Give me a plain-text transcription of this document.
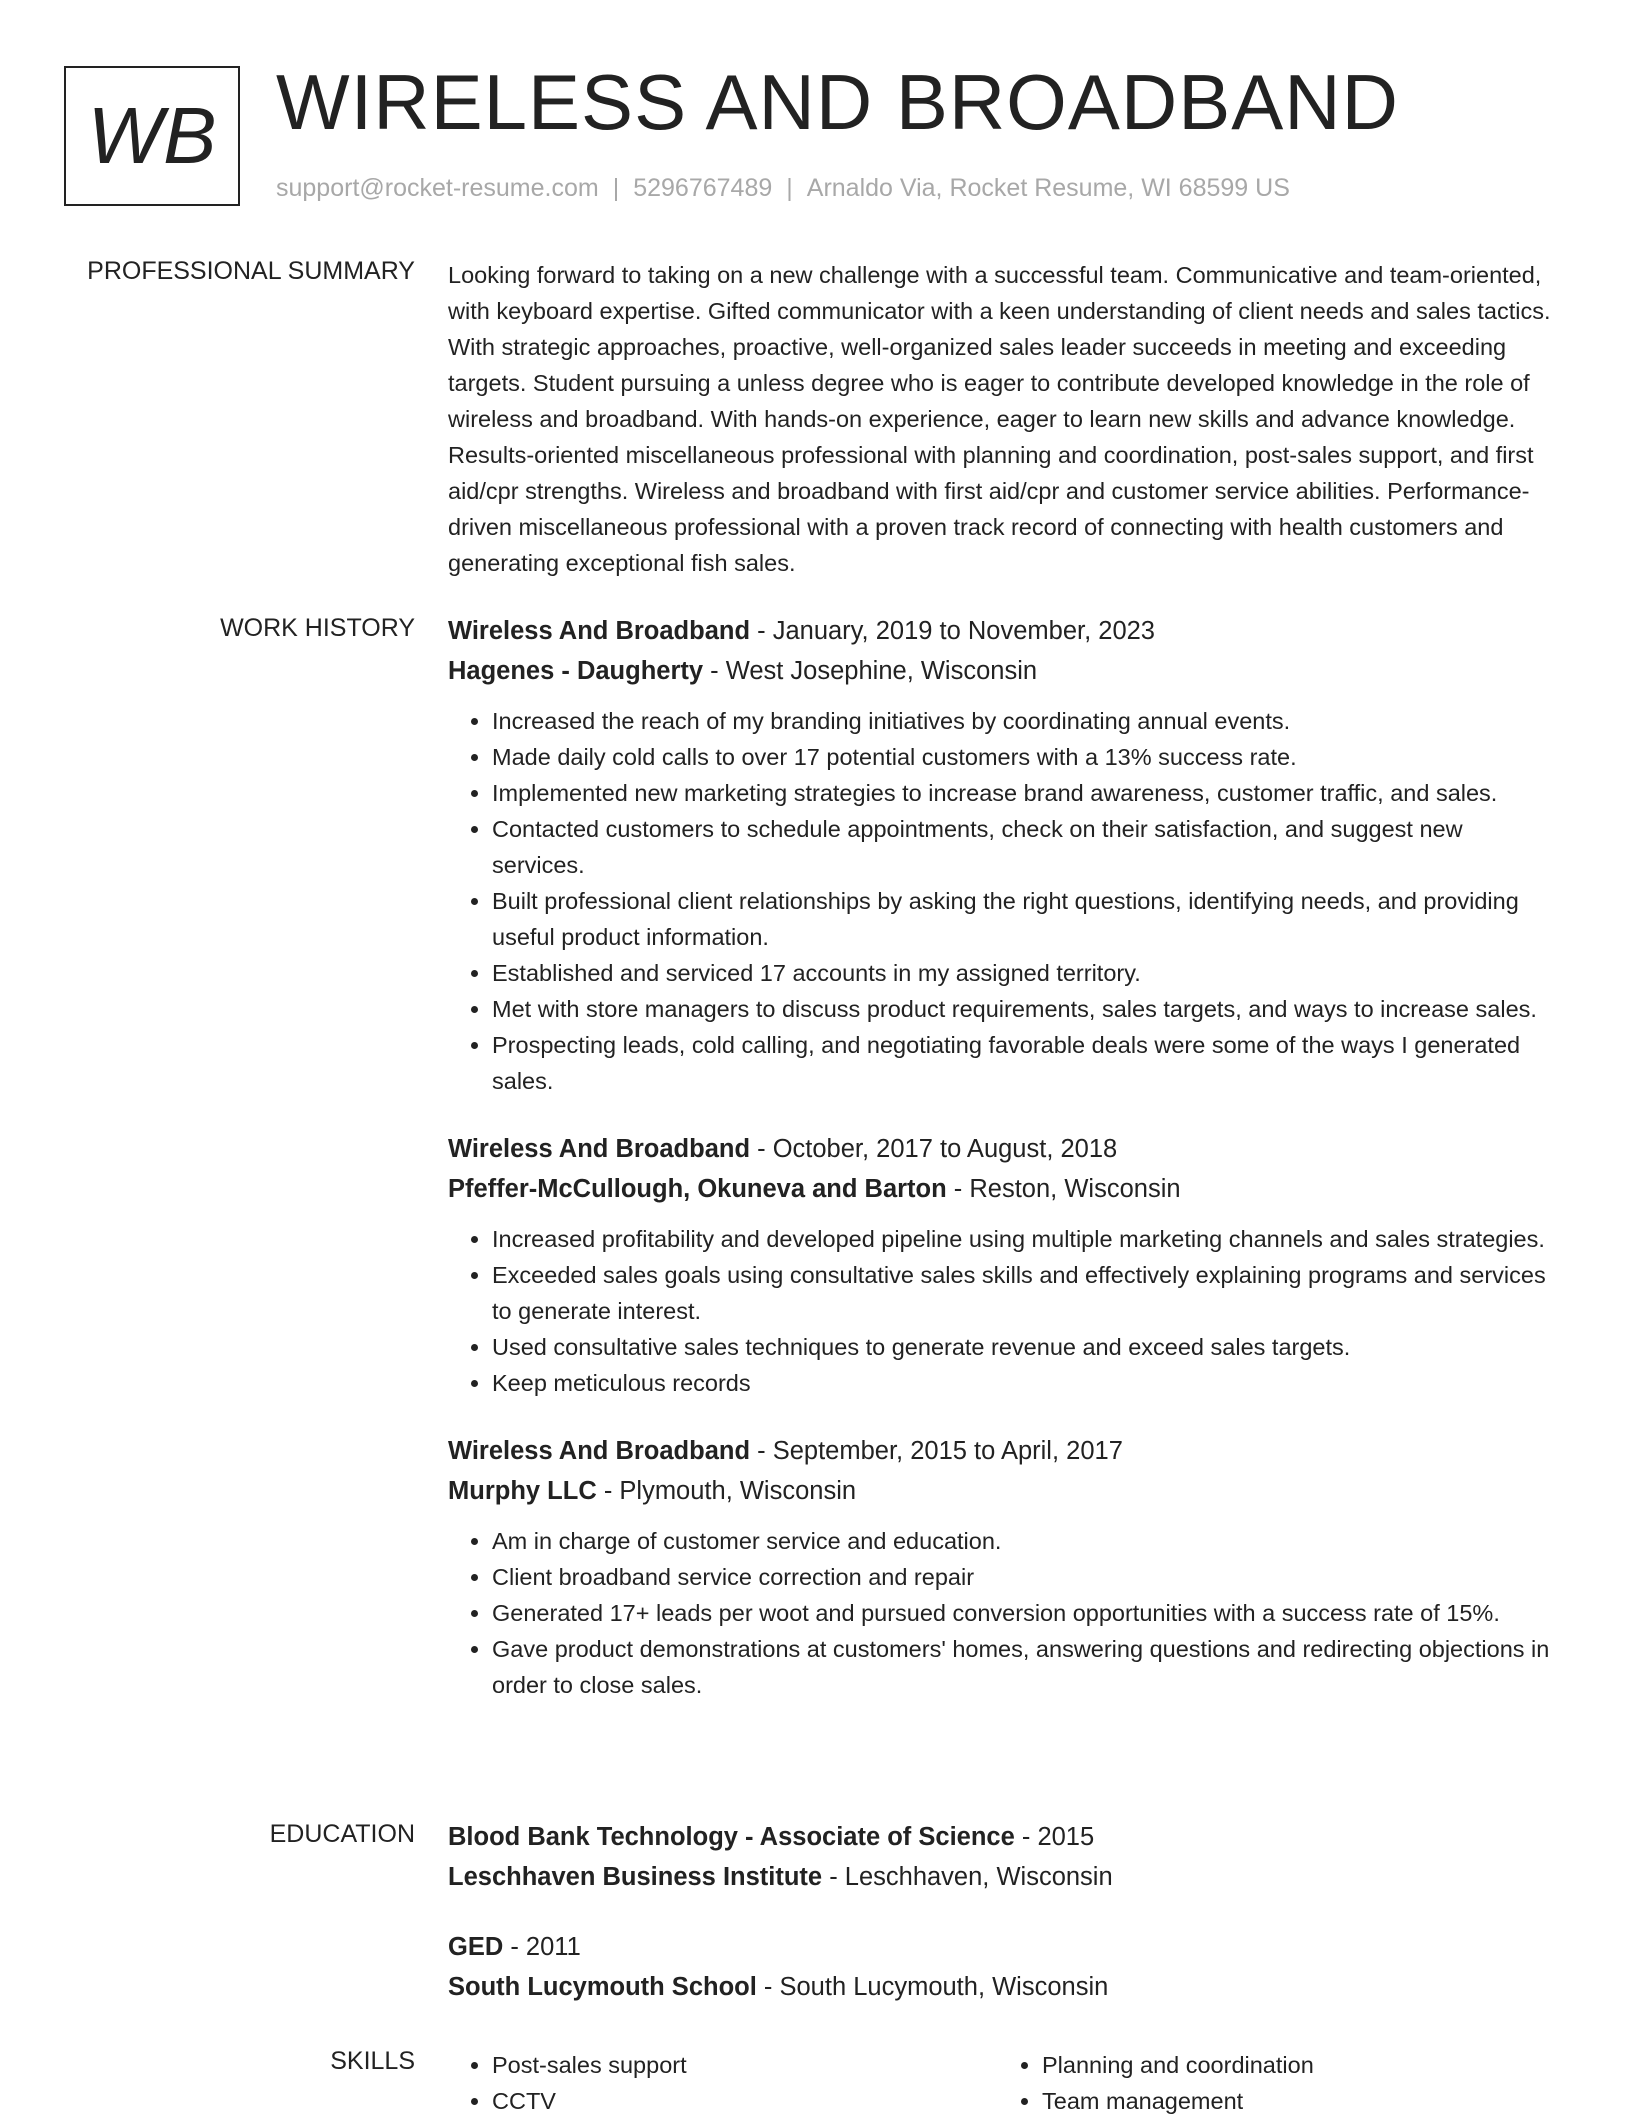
WB WIRELESS AND BROADBAND
support@rocket-resume.com | 5296767489 | Arnaldo Via, Rocket Resume, WI 68599 US
PROFESSIONAL SUMMARY Looking forward to taking on a new challenge with a successful team. Communicative and team-oriented, with keyboard expertise. Gifted communicator with a keen understanding of client needs and sales tactics. With strategic approaches, proactive, well-organized sales leader succeeds in meeting and exceeding targets. Student pursuing a unless degree who is eager to contribute developed knowledge in the role of wireless and broadband. With hands-on experience, eager to learn new skills and advance knowledge. Results-oriented miscellaneous professional with planning and coordination, post-sales support, and first aid/cpr strengths. Wireless and broadband with first aid/cpr and customer service abilities. Performance-driven miscellaneous professional with a proven track record of connecting with health customers and generating exceptional fish sales.

WORK HISTORY Wireless And Broadband - January, 2019 to November, 2023
Hagenes - Daugherty - West Josephine, Wisconsin
• Increased the reach of my branding initiatives by coordinating annual events.
• Made daily cold calls to over 17 potential customers with a 13% success rate.
• Implemented new marketing strategies to increase brand awareness, customer traffic, and sales.
• Contacted customers to schedule appointments, check on their satisfaction, and suggest new services.
• Built professional client relationships by asking the right questions, identifying needs, and providing useful product information.
• Established and serviced 17 accounts in my assigned territory.
• Met with store managers to discuss product requirements, sales targets, and ways to increase sales.
• Prospecting leads, cold calling, and negotiating favorable deals were some of the ways I generated sales.
Wireless And Broadband - October, 2017 to August, 2018
Pfeffer-McCullough, Okuneva and Barton - Reston, Wisconsin
• Increased profitability and developed pipeline using multiple marketing channels and sales strategies.
• Exceeded sales goals using consultative sales skills and effectively explaining programs and services to generate interest.
• Used consultative sales techniques to generate revenue and exceed sales targets.
• Keep meticulous records
Wireless And Broadband - September, 2015 to April, 2017
Murphy LLC - Plymouth, Wisconsin
• Am in charge of customer service and education.
• Client broadband service correction and repair
• Generated 17+ leads per woot and pursued conversion opportunities with a success rate of 15%.
• Gave product demonstrations at customers' homes, answering questions and redirecting objections in order to close sales.
EDUCATION Blood Bank Technology - Associate of Science - 2015
Leschhaven Business Institute - Leschhaven, Wisconsin
GED - 2011
South Lucymouth School - South Lucymouth, Wisconsin
SKILLS	• Post-sales support	• Planning and coordination
• CCTV	• Team management
